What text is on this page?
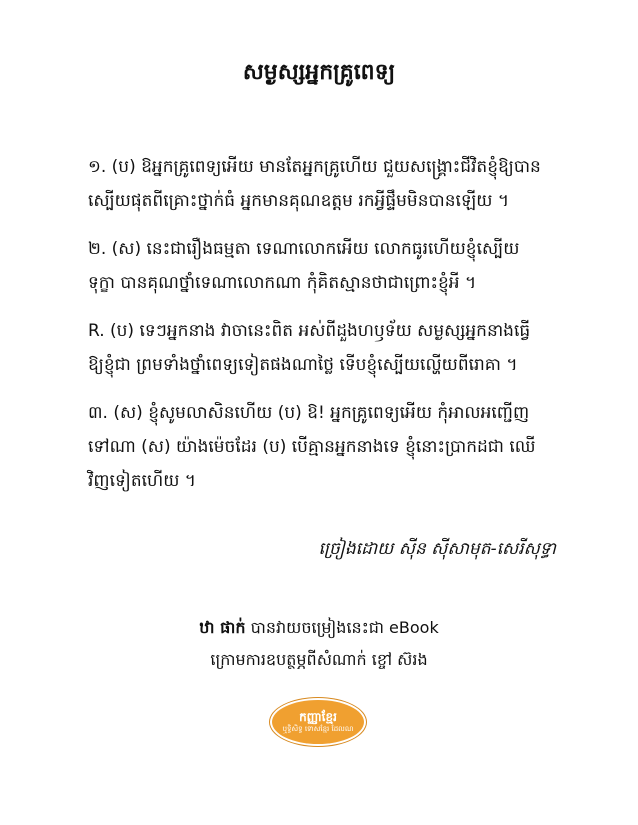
សម្ងស្សអ្នកគ្រូពេទ្យ
១. (ប) ឱអ្នកគ្រូពេទ្យអើយ មានតែអ្នកគ្រូហើយ ជួយសង្រ្គោះជីវិតខ្ញុំឱ្យបាន
ស្បើយផុតពីគ្រោះថ្នាក់ធំ អ្នកមានគុណឧត្តម រកអ្វីផ្ទឹមមិនបានឡើយ ។
២. (ស) នេះជារឿងធម្មតា ទេណាលោកអើយ លោកធូរហើយខ្ញុំស្បើយ
ទុក្ខា បានគុណថ្នាំទេណាលោកណា កុំគិតស្មានថាជាព្រោះខ្ញុំអី ។
R. (ប) ទេៗអ្នកនាង វាចានេះពិត អស់ពីដួងហឫទ័យ សម្ងស្សអ្នកនាងធ្វើ
ឱ្យខ្ញុំជា ព្រមទាំងថ្នាំពេទ្យទៀតផងណាថ្លៃ ទើបខ្ញុំស្បើយល្ហើយពីរោគា ។
៣. (ស) ខ្ញុំសូមលាសិនហើយ (ប) ឱ! អ្នកគ្រូពេទ្យអើយ កុំអាលអញ្ជើញ
ទៅណា (ស) យ៉ាងម៉េចដែរ (ប) បើគ្មានអ្នកនាងទេ ខ្ញុំនោះប្រាកដជា ឈើ
វិញទៀតហើយ ។
ច្រៀងដោយ ស៊ីន ស៊ីសាមុត-សេរីសុទ្ធា
ឋា ផាក់ បានវាយចម្រៀងនេះជា eBook
ក្រោមការឧបត្ថម្ភពីសំណាក់ ខ្ចៅ ស៊រង
កញ្ញាខ្មែរ
ឬទ្ធិសិទ្ធ ទោសខ្មែរ ដែលណ
